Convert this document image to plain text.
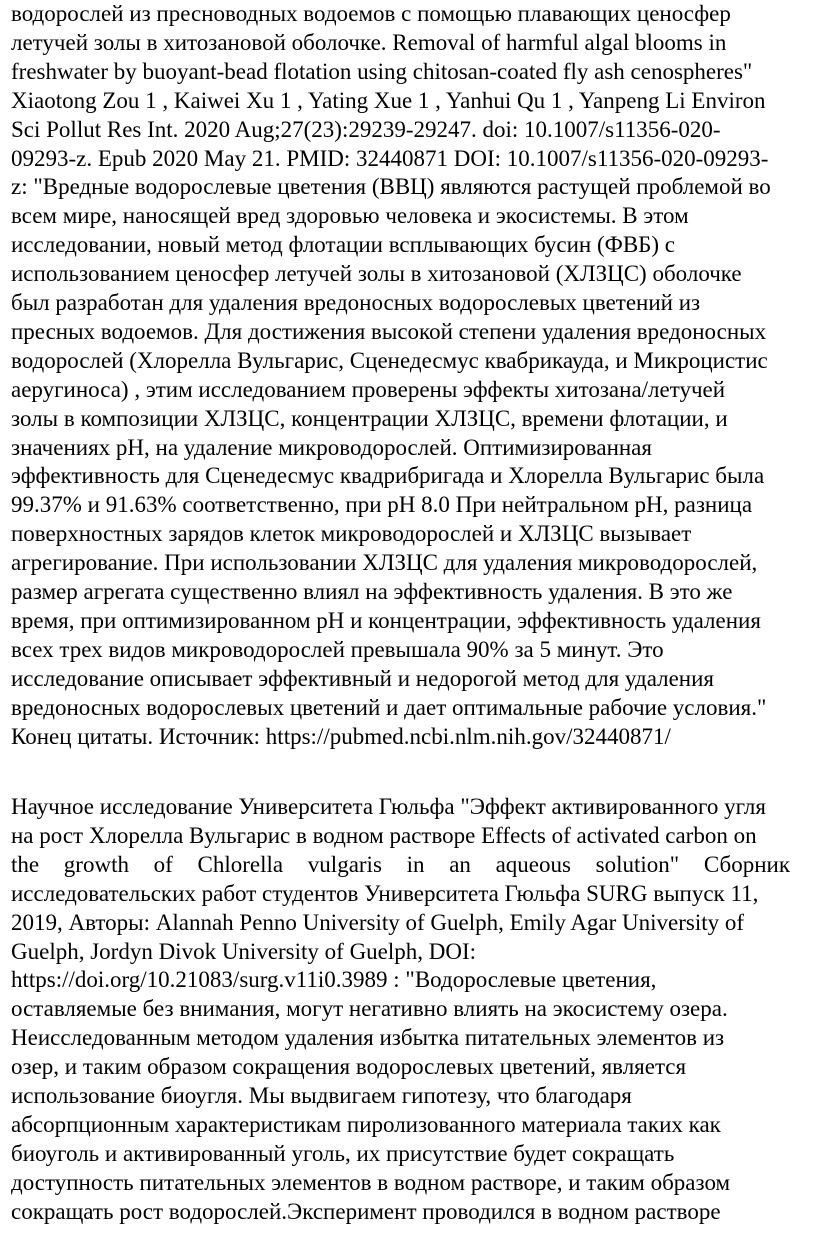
водорослей из пресноводных водоемов с помощью плавающих ценосфер
летучей золы в хитозановой оболочке. Removal of harmful algal blooms in
freshwater by buoyant-bead flotation using chitosan-coated fly ash cenospheres"
Xiaotong Zou 1 , Kaiwei Xu 1 , Yating Xue 1 , Yanhui Qu 1 , Yanpeng Li Environ
Sci Pollut Res Int. 2020 Aug;27(23):29239-29247. doi: 10.1007/s11356-020-
09293-z. Epub 2020 May 21. PMID: 32440871 DOI: 10.1007/s11356-020-09293-
z: "Вредные водорослевые цветения (ВВЦ) являются растущей проблемой во
всем мире, наносящей вред здоровью человека и экосистемы. В этом
исследовании, новый метод флотации всплывающих бусин (ФВБ) с
использованием ценосфер летучей золы в хитозановой (ХЛЗЦС) оболочке
был разработан для удаления вредоносных водорослевых цветений из
пресных водоемов. Для достижения высокой степени удаления вредоносных
водорослей (Хлорелла Вульгарис, Сценедесмус квабрикауда, и Микроцистис
аеругиноса) , этим исследованием проверены эффекты хитозана/летучей
золы в композиции ХЛЗЦС, концентрации ХЛЗЦС, времени флотации, и
значениях pH, на удаление микроводорослей. Оптимизированная
эффективность для Сценедесмус квадрибригада и Хлорелла Вульгарис была
99.37% и 91.63% соответственно, при pH 8.0 При нейтральном pH, разница
поверхностных зарядов клеток микроводорослей и ХЛЗЦС вызывает
агрегирование. При использовании ХЛЗЦС для удаления микроводорослей,
размер агрегата существенно влиял на эффективность удаления. В это же
время, при оптимизированном pH и концентрации, эффективность удаления
всех трех видов микроводорослей превышала 90% за 5 минут. Это
исследование описывает эффективный и недорогой метод для удаления
вредоносных водорослевых цветений и дает оптимальные рабочие условия."
Конец цитаты. Источник: https://pubmed.ncbi.nlm.nih.gov/32440871/
Научное исследование Университета Гюльфа "Эффект активированного угля
на рост Хлорелла Вульгарис в водном растворе Effects of activated carbon on
the growth of Chlorella vulgaris in an aqueous solution" Сборник
исследовательских работ студентов Университета Гюльфа SURG выпуск 11,
2019, Авторы: Alannah Penno University of Guelph, Emily Agar University of
Guelph, Jordyn Divok University of Guelph, DOI:
https://doi.org/10.21083/surg.v11i0.3989 : "Водорослевые цветения,
оставляемые без внимания, могут негативно влиять на экосистему озера.
Неисследованным методом удаления избытка питательных элементов из
озер, и таким образом сокращения водорослевых цветений, является
использование биоугля. Мы выдвигаем гипотезу, что благодаря
абсорпционным характеристикам пиролизованного материала таких как
биоуголь и активированный уголь, их присутствие будет сокращать
доступность питательных элементов в водном растворе, и таким образом
сокращать рост водорослей.Эксперимент проводился в водном растворе
